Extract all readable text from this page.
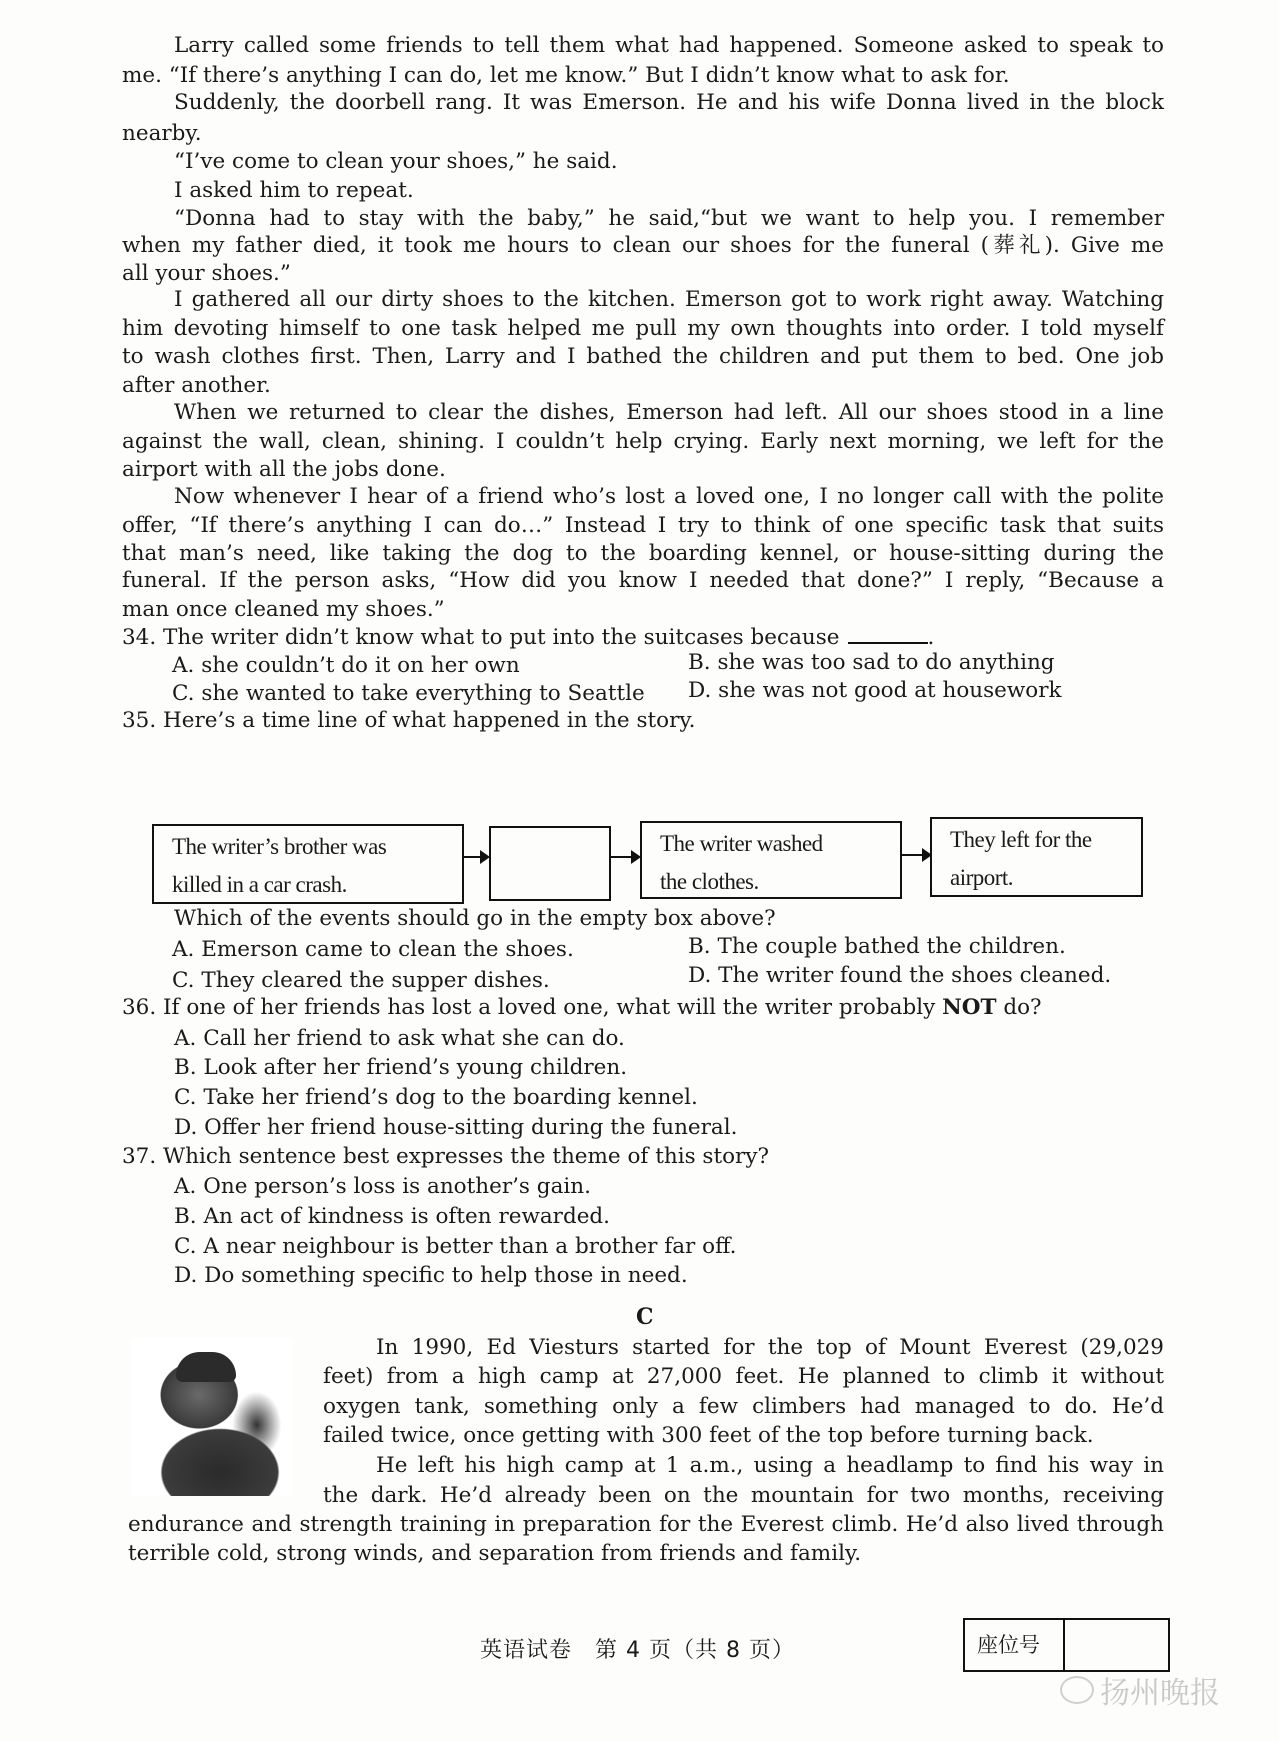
Larry called some friends to tell them what had happened. Someone asked to speak to
me. “If there’s anything I can do, let me know.” But I didn’t know what to ask for.
Suddenly, the doorbell rang. It was Emerson. He and his wife Donna lived in the block
nearby.
“I’ve come to clean your shoes,” he said.
I asked him to repeat.
“Donna had to stay with the baby,” he said,“but we want to help you. I remember
when my father died, it took me hours to clean our shoes for the funeral (葬礼). Give me
all your shoes.”
I gathered all our dirty shoes to the kitchen. Emerson got to work right away. Watching
him devoting himself to one task helped me pull my own thoughts into order. I told myself
to wash clothes first. Then, Larry and I bathed the children and put them to bed. One job
after another.
When we returned to clear the dishes, Emerson had left. All our shoes stood in a line
against the wall, clean, shining. I couldn’t help crying. Early next morning, we left for the
airport with all the jobs done.
Now whenever I hear of a friend who’s lost a loved one, I no longer call with the polite
offer, “If there’s anything I can do…” Instead I try to think of one specific task that suits
that man’s need, like taking the dog to the boarding kennel, or house-sitting during the
funeral. If the person asks, “How did you know I needed that done?” I reply, “Because a
man once cleaned my shoes.”
34. The writer didn’t know what to put into the suitcases because	.
A. she couldn’t do it on her own	B. she was too sad to do anything
C. she wanted to take everything to Seattle D. she was not good at housework
35. Here’s a time line of what happened in the story.
The writer’s brother was
killed in a car crash.
The writer washed
the clothes.
They left for the
airport.
Which of the events should go in the empty box above?
A. Emerson came to clean the shoes.	B. The couple bathed the children.
C. They cleared the supper dishes.	D. The writer found the shoes cleaned.
36. If one of her friends has lost a loved one, what will the writer probably NOT do?
A. Call her friend to ask what she can do.
B. Look after her friend’s young children.
C. Take her friend’s dog to the boarding kennel.
D. Offer her friend house-sitting during the funeral.
37. Which sentence best expresses the theme of this story?
A. One person’s loss is another’s gain.
B. An act of kindness is often rewarded.
C. A near neighbour is better than a brother far off.
D. Do something specific to help those in need.
C
In 1990, Ed Viesturs started for the top of Mount Everest (29,029
feet) from a high camp at 27,000 feet. He planned to climb it without
oxygen tank, something only a few climbers had managed to do. He’d
failed twice, once getting with 300 feet of the top before turning back.
He left his high camp at 1 a.m., using a headlamp to find his way in
the dark. He’d already been on the mountain for two months, receiving
endurance and strength training in preparation for the Everest climb. He’d also lived through
terrible cold, strong winds, and separation from friends and family.
英语试卷　第 4 页（共 8 页）	座位号
扬州晚报
